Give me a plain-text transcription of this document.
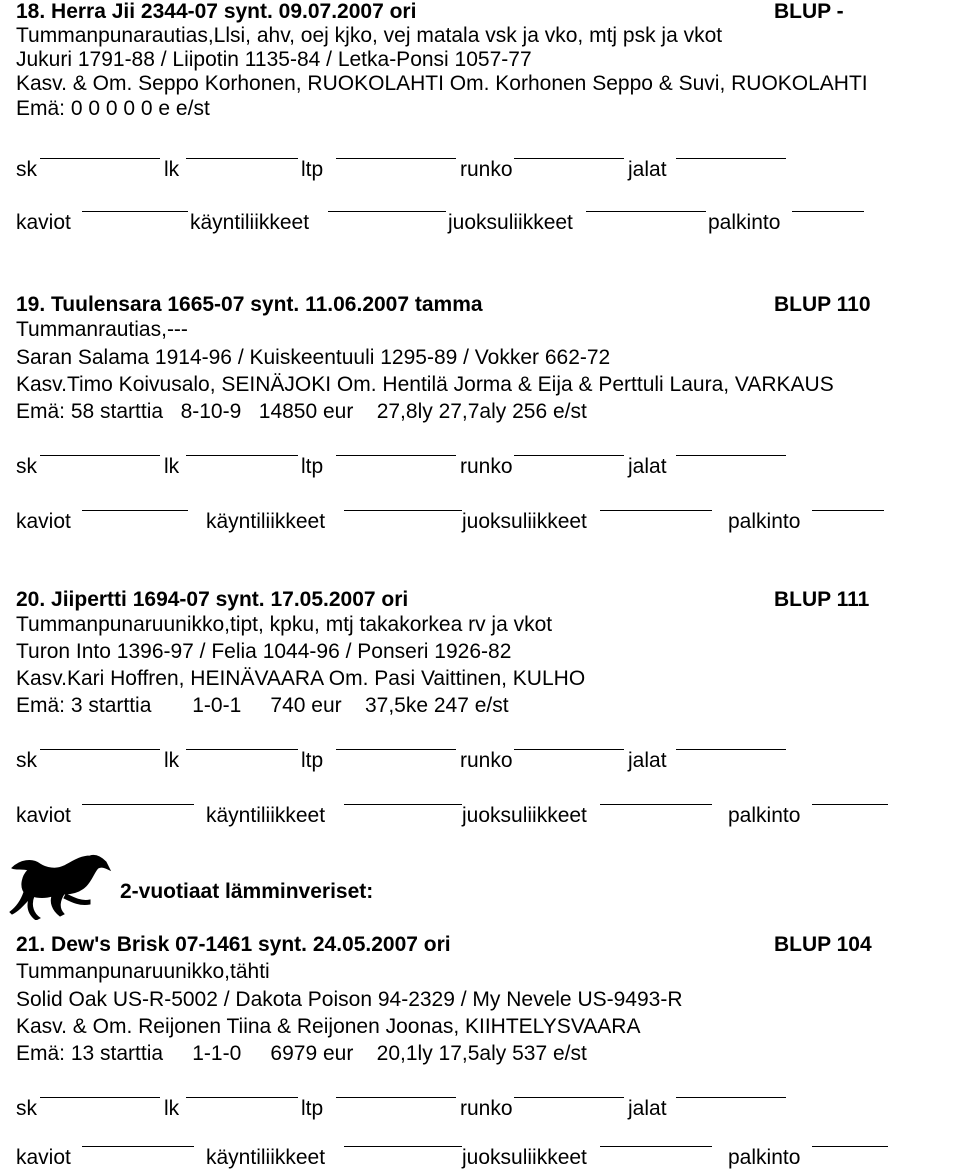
18. Herra Jii 2344-07 synt. 09.07.2007 ori	BLUP -
Tummanpunarautias,Llsi, ahv, oej kjko, vej matala vsk ja vko, mtj psk ja vkot
Jukuri 1791-88 / Liipotin 1135-84 / Letka-Ponsi 1057-77
Kasv. & Om. Seppo Korhonen, RUOKOLAHTI Om. Korhonen Seppo & Suvi, RUOKOLAHTI
Emä: 0 0 0 0 0 e e/st
sk	lk	ltp	runko	jalat
kaviot	käyntiliikkeet	juoksuliikkeet	palkinto
19. Tuulensara 1665-07 synt. 11.06.2007 tamma	BLUP 110
Tummanrautias,---
Saran Salama 1914-96 / Kuiskeentuuli 1295-89 / Vokker 662-72
Kasv.Timo Koivusalo, SEINÄJOKI Om. Hentilä Jorma & Eija & Perttuli Laura, VARKAUS
Emä: 58 starttia   8-10-9   14850 eur    27,8ly 27,7aly 256 e/st
sk	lk	ltp	runko	jalat
kaviot	käyntiliikkeet	juoksuliikkeet	palkinto
20. Jiipertti 1694-07 synt. 17.05.2007 ori	BLUP 111
Tummanpunaruunikko,tipt, kpku, mtj takakorkea rv ja vkot
Turon Into 1396-97 / Felia 1044-96 / Ponseri 1926-82
Kasv.Kari Hoffren, HEINÄVAARA Om. Pasi Vaittinen, KULHO
Emä: 3 starttia       1-0-1     740 eur    37,5ke 247 e/st
sk	lk	ltp	runko	jalat
kaviot	käyntiliikkeet	juoksuliikkeet	palkinto
2-vuotiaat lämminveriset:
21. Dew's Brisk 07-1461 synt. 24.05.2007 ori	BLUP 104
Tummanpunaruunikko,tähti
Solid Oak US-R-5002 / Dakota Poison 94-2329 / My Nevele US-9493-R
Kasv. & Om. Reijonen Tiina & Reijonen Joonas, KIIHTELYSVAARA
Emä: 13 starttia     1-1-0     6979 eur    20,1ly 17,5aly 537 e/st
sk	lk	ltp	runko	jalat
kaviot	käyntiliikkeet	juoksuliikkeet	palkinto
